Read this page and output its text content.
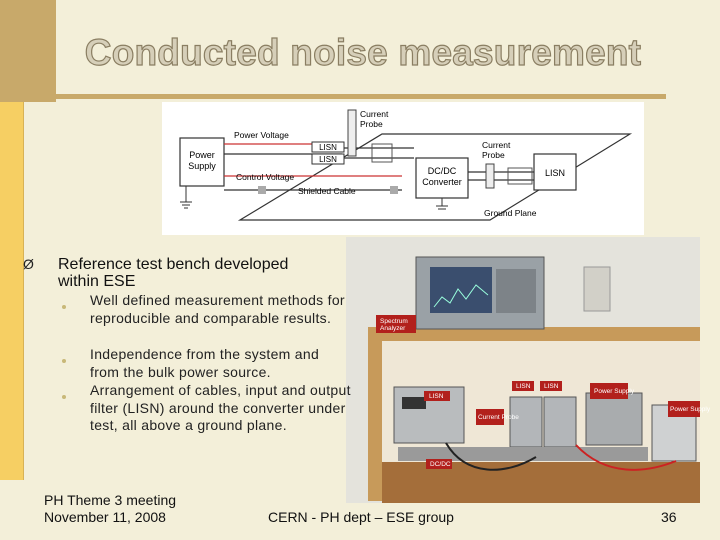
Conducted noise measurement
Power
Supply
Power Voltage
LISN
LISN
Current
Probe
Control Voltage
Shielded Cable
DC/DC
Converter
Current
Probe
LISN
Ground Plane
Spectrum
Analyzer
LISN
LISN LISN
Power Supply
Power Supply
Current Probe
DC/DC
Ø Reference test bench developed within ESE
Well defined measurement methods for reproducible and comparable results.
Independence from the system and from the bulk power source.
Arrangement of cables, input and output filter (LISN) around the converter under test, all above a ground plane.
PH Theme 3 meeting
November 11, 2008	CERN - PH dept – ESE group	36
